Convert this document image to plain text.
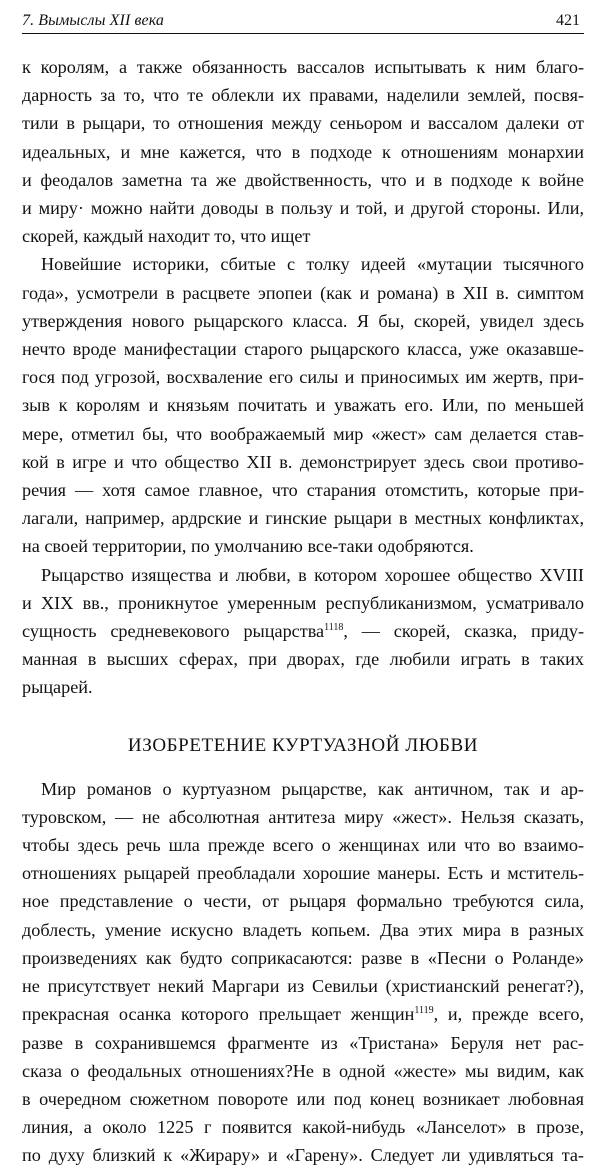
7. Вымыслы XII века	421
к королям, а также обязанность вассалов испытывать к ним благо-
дарность за то, что те облекли их правами, наделили землей, посвя-
тили в рыцари, то отношения между сеньором и вассалом далеки от
идеальных, и мне кажется, что в подходе к отношениям монархии
и феодалов заметна та же двойственность, что и в подходе к войне
и миру· можно найти доводы в пользу и той, и другой стороны. Или,
скорей, каждый находит то, что ищет
Новейшие историки, сбитые с толку идеей «мутации тысячного
года», усмотрели в расцвете эпопеи (как и романа) в XII в. симптом
утверждения нового рыцарского класса. Я бы, скорей, увидел здесь
нечто вроде манифестации старого рыцарского класса, уже оказавше-
гося под угрозой, восхваление его силы и приносимых им жертв, при-
зыв к королям и князьям почитать и уважать его. Или, по меньшей
мере, отметил бы, что воображаемый мир «жест» сам делается став-
кой в игре и что общество XII в. демонстрирует здесь свои противо-
речия — хотя самое главное, что старания отомстить, которые при-
лагали, например, ардрские и гинские рыцари в местных конфликтах,
на своей территории, по умолчанию все-таки одобряются.
Рыцарство изящества и любви, в котором хорошее общество XVIII
и XIX вв., проникнутое умеренным республиканизмом, усматривало
сущность средневекового рыцарства$^{1118}$, — скорей, сказка, приду-
манная в высших сферах, при дворах, где любили играть в таких
рыцарей.
ИЗОБРЕТЕНИЕ КУРТУАЗНОЙ ЛЮБВИ
Мир романов о куртуазном рыцарстве, как античном, так и ар-
туровском, — не абсолютная антитеза миру «жест». Нельзя сказать,
чтобы здесь речь шла прежде всего о женщинах или что во взаимо-
отношениях рыцарей преобладали хорошие манеры. Есть и мститель-
ное представление о чести, от рыцаря формально требуются сила,
доблесть, умение искусно владеть копьем. Два этих мира в разных
произведениях как будто соприкасаются: разве в «Песни о Роланде»
не присутствует некий Маргари из Севильи (христианский ренегат?),
прекрасная осанка которого прельщает женщин$^{1119}$, и, прежде всего,
разве в сохранившемся фрагменте из «Тристана» Беруля нет рас-
сказа о феодальных отношениях?Не в одной «жесте» мы видим, как
в очередном сюжетном повороте или под конец возникает любовная
линия, а около 1225 г появится какой-нибудь «Ланселот» в прозе,
по духу близкий к «Жирару» и «Гарену». Следует ли удивляться та-
